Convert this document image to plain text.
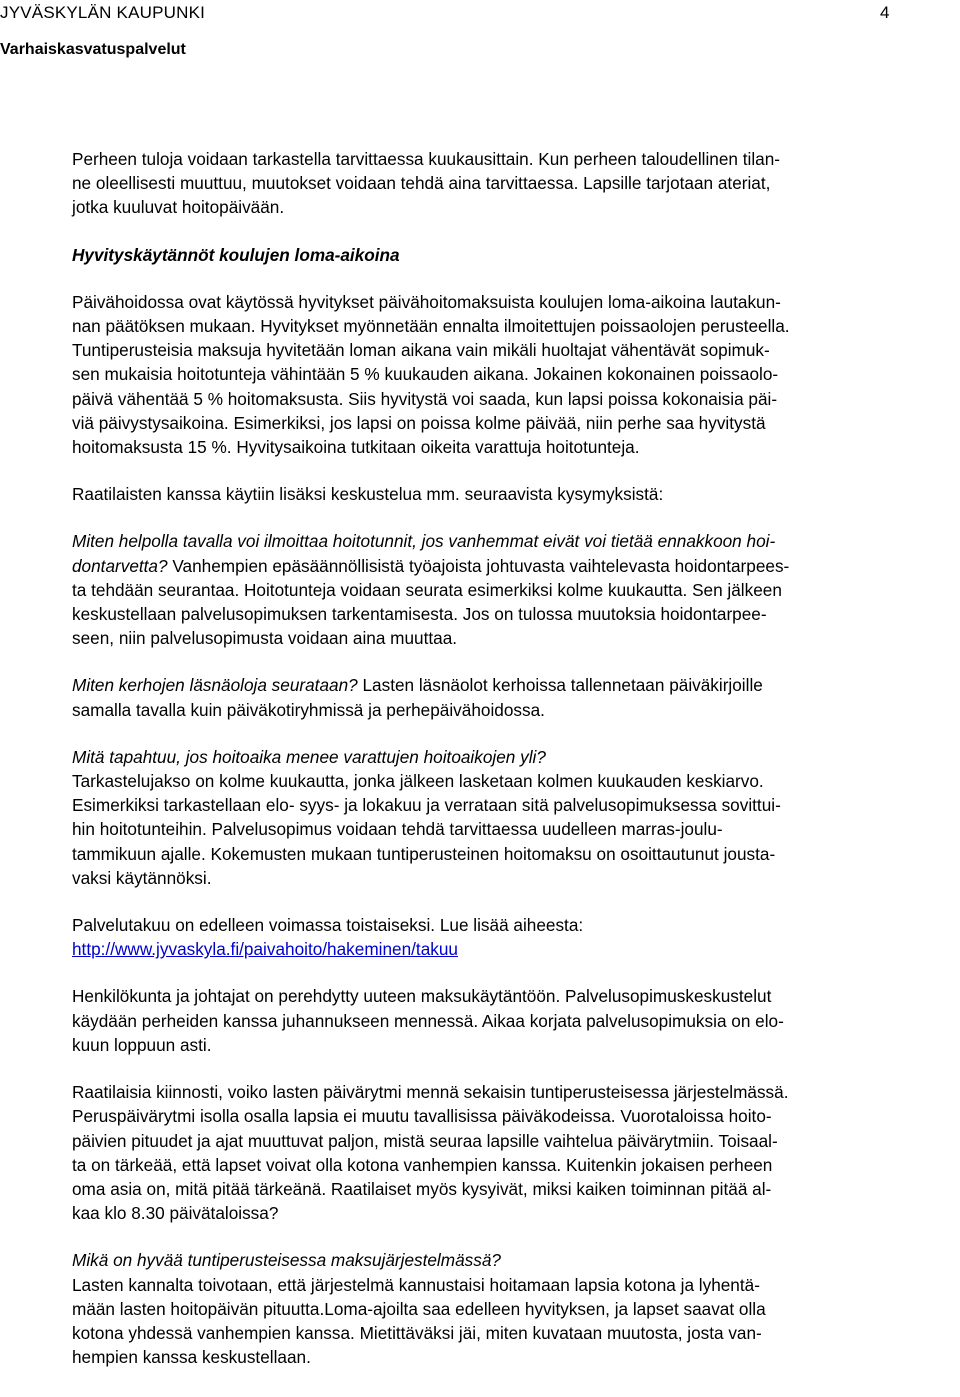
JYVÄSKYLÄN KAUPUNKI	4
Varhaiskasvatuspalvelut

Perheen tuloja voidaan tarkastella tarvittaessa kuukausittain. Kun perheen taloudellinen tilan-
ne oleellisesti muuttuu, muutokset voidaan tehdä aina tarvittaessa. Lapsille tarjotaan ateriat,
jotka kuuluvat hoitopäivään.

Hyvityskäytännöt koulujen loma-aikoina

Päivähoidossa ovat käytössä hyvitykset päivähoitomaksuista koulujen loma-aikoina lautakun-
nan päätöksen mukaan. Hyvitykset myönnetään ennalta ilmoitettujen poissaolojen perusteella.
Tuntiperusteisia maksuja hyvitetään loman aikana vain mikäli huoltajat vähentävät sopimuk-
sen mukaisia hoitotunteja vähintään 5 % kuukauden aikana. Jokainen kokonainen poissaolo-
päivä vähentää 5 % hoitomaksusta. Siis hyvitystä voi saada, kun lapsi poissa kokonaisia päi-
viä päivystysaikoina. Esimerkiksi, jos lapsi on poissa kolme päivää, niin perhe saa hyvitystä
hoitomaksusta 15 %. Hyvitysaikoina tutkitaan oikeita varattuja hoitotunteja.

Raatilaisten kanssa käytiin lisäksi keskustelua mm. seuraavista kysymyksistä:

Miten helpolla tavalla voi ilmoittaa hoitotunnit, jos vanhemmat eivät voi tietää ennakkoon hoi-
dontarvetta? Vanhempien epäsäännöllisistä työajoista johtuvasta vaihtelevasta hoidontarpees-
ta tehdään seurantaa. Hoitotunteja voidaan seurata esimerkiksi kolme kuukautta. Sen jälkeen
keskustellaan palvelusopimuksen tarkentamisesta. Jos on tulossa muutoksia hoidontarpee-
seen, niin palvelusopimusta voidaan aina muuttaa.

Miten kerhojen läsnäoloja seurataan? Lasten läsnäolot kerhoissa tallennetaan päiväkirjoille
samalla tavalla kuin päiväkotiryhmissä ja perhepäivähoidossa.

Mitä tapahtuu, jos hoitoaika menee varattujen hoitoaikojen yli?
Tarkastelujakso on kolme kuukautta, jonka jälkeen lasketaan kolmen kuukauden keskiarvo.
Esimerkiksi tarkastellaan elo- syys- ja lokakuu ja verrataan sitä palvelusopimuksessa sovittui-
hin hoitotunteihin. Palvelusopimus voidaan tehdä tarvittaessa uudelleen marras-joulu-
tammikuun ajalle. Kokemusten mukaan tuntiperusteinen hoitomaksu on osoittautunut jousta-
vaksi käytännöksi.

Palvelutakuu on edelleen voimassa toistaiseksi. Lue lisää aiheesta:
http://www.jyvaskyla.fi/paivahoito/hakeminen/takuu

Henkilökunta ja johtajat on perehdytty uuteen maksukäytäntöön. Palvelusopimuskeskustelut
käydään perheiden kanssa juhannukseen mennessä. Aikaa korjata palvelusopimuksia on elo-
kuun loppuun asti.

Raatilaisia kiinnosti, voiko lasten päivärytmi mennä sekaisin tuntiperusteisessa järjestelmässä.
Peruspäivärytmi isolla osalla lapsia ei muutu tavallisissa päiväkodeissa. Vuorotaloissa hoito-
päivien pituudet ja ajat muuttuvat paljon, mistä seuraa lapsille vaihtelua päivärytmiin. Toisaal-
ta on tärkeää, että lapset voivat olla kotona vanhempien kanssa. Kuitenkin jokaisen perheen
oma asia on, mitä pitää tärkeänä. Raatilaiset myös kysyivät, miksi kaiken toiminnan pitää al-
kaa klo 8.30 päivätaloissa?

Mikä on hyvää tuntiperusteisessa maksujärjestelmässä?
Lasten kannalta toivotaan, että järjestelmä kannustaisi hoitamaan lapsia kotona ja lyhentä-
mään lasten hoitopäivän pituutta.Loma-ajoilta saa edelleen hyvityksen, ja lapset saavat olla
kotona yhdessä vanhempien kanssa. Mietittäväksi jäi, miten kuvataan muutosta, josta van-
hempien kanssa keskustellaan.
